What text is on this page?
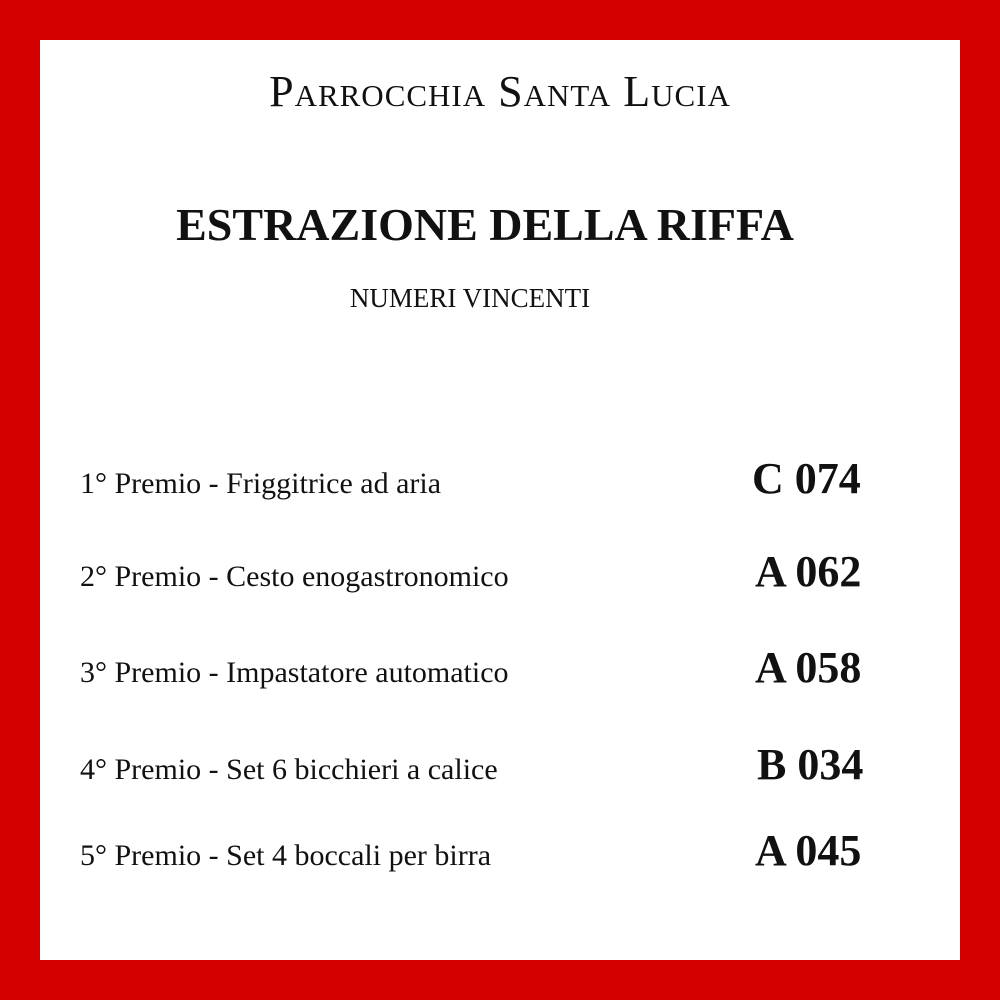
Parrocchia Santa Lucia
ESTRAZIONE DELLA RIFFA
NUMERI VINCENTI
1° Premio - Friggitrice ad aria	C 074
2° Premio - Cesto enogastronomico	A 062
3° Premio - Impastatore automatico	A 058
4° Premio - Set 6 bicchieri a calice	B 034
5° Premio - Set 4 boccali per birra	A 045
